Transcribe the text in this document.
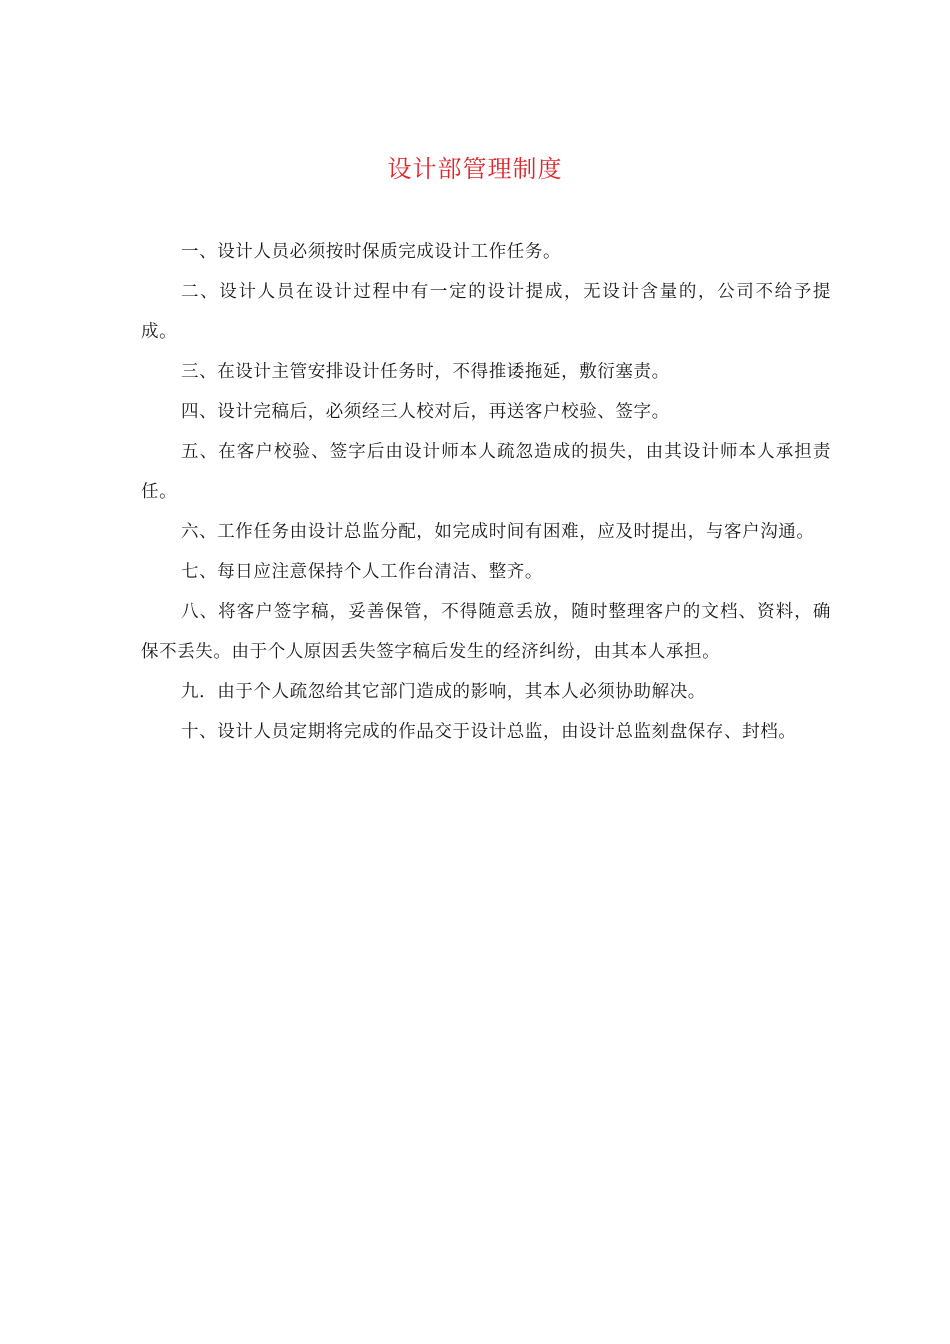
设计部管理制度

一、设计人员必须按时保质完成设计工作任务。

二、设计人员在设计过程中有一定的设计提成，无设计含量的，公司不给予提成。

三、在设计主管安排设计任务时，不得推诿拖延，敷衍塞责。

四、设计完稿后，必须经三人校对后，再送客户校验、签字。

五、在客户校验、签字后由设计师本人疏忽造成的损失，由其设计师本人承担责任。

六、工作任务由设计总监分配，如完成时间有困难，应及时提出，与客户沟通。

七、每日应注意保持个人工作台清洁、整齐。

八、将客户签字稿，妥善保管，不得随意丢放，随时整理客户的文档、资料，确保不丢失。由于个人原因丢失签字稿后发生的经济纠纷，由其本人承担。

九．由于个人疏忽给其它部门造成的影响，其本人必须协助解决。

十、设计人员定期将完成的作品交于设计总监，由设计总监刻盘保存、封档。
